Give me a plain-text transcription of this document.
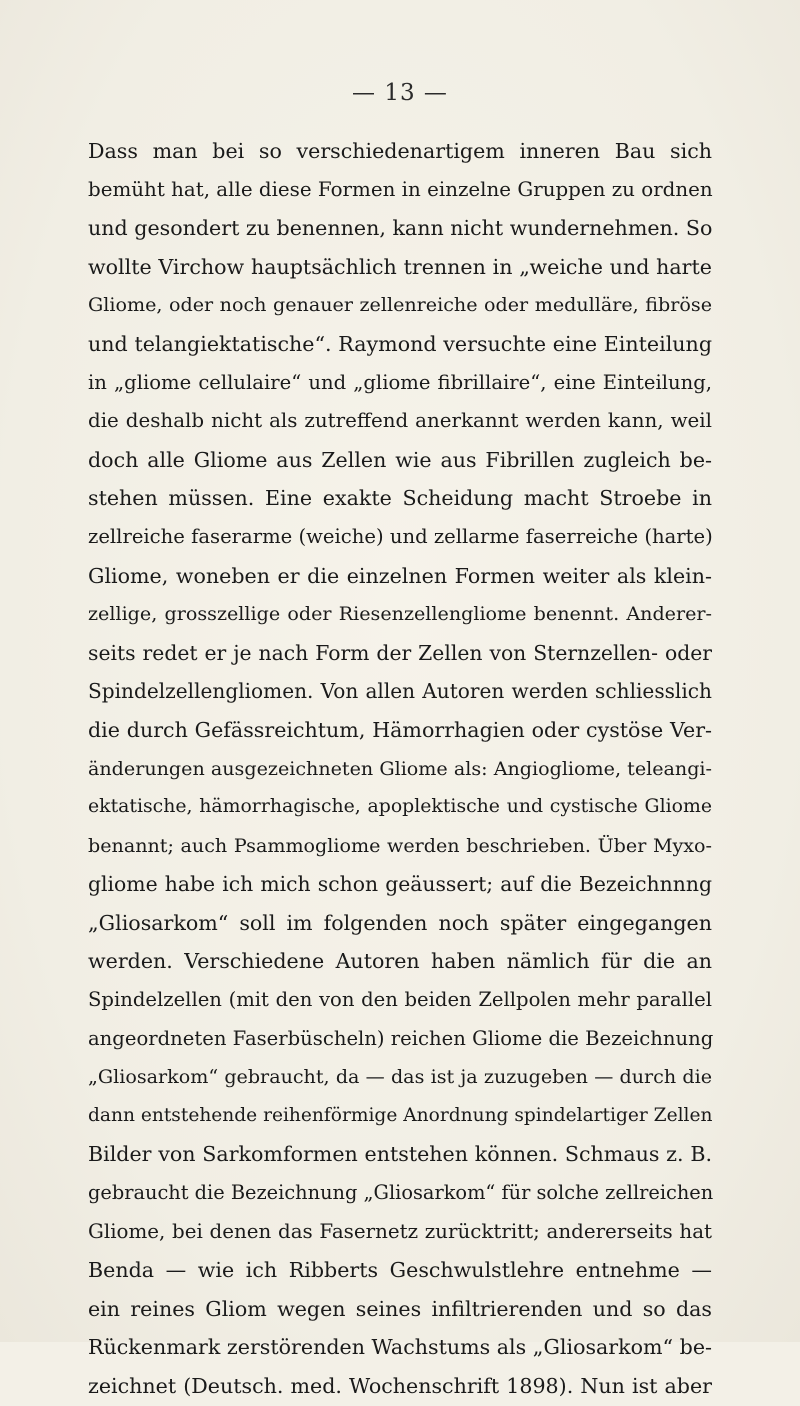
— 13 —
Dass man bei so verschiedenartigem inneren Bau sich
bemüht hat, alle diese Formen in einzelne Gruppen zu ordnen
und gesondert zu benennen, kann nicht wundernehmen. So
wollte Virchow hauptsächlich trennen in „weiche und harte
Gliome, oder noch genauer zellenreiche oder medulläre, fibröse
und telangiektatische“. Raymond versuchte eine Einteilung
in „gliome cellulaire“ und „gliome fibrillaire“, eine Einteilung,
die deshalb nicht als zutreffend anerkannt werden kann, weil
doch alle Gliome aus Zellen wie aus Fibrillen zugleich be-
stehen müssen. Eine exakte Scheidung macht Stroebe in
zellreiche faserarme (weiche) und zellarme faserreiche (harte)
Gliome, woneben er die einzelnen Formen weiter als klein-
zellige, grosszellige oder Riesenzellengliome benennt. Anderer-
seits redet er je nach Form der Zellen von Sternzellen- oder
Spindelzellengliomen. Von allen Autoren werden schliesslich
die durch Gefässreichtum, Hämorrhagien oder cystöse Ver-
änderungen ausgezeichneten Gliome als: Angiogliome, teleangi-
ektatische, hämorrhagische, apoplektische und cystische Gliome
benannt; auch Psammogliome werden beschrieben. Über Myxo-
gliome habe ich mich schon geäussert; auf die Bezeichnnng
„Gliosarkom“ soll im folgenden noch später eingegangen
werden. Verschiedene Autoren haben nämlich für die an
Spindelzellen (mit den von den beiden Zellpolen mehr parallel
angeordneten Faserbüscheln) reichen Gliome die Bezeichnung
„Gliosarkom“ gebraucht, da — das ist ja zuzugeben — durch die
dann entstehende reihenförmige Anordnung spindelartiger Zellen
Bilder von Sarkomformen entstehen können. Schmaus z. B.
gebraucht die Bezeichnung „Gliosarkom“ für solche zellreichen
Gliome, bei denen das Fasernetz zurücktritt; andererseits hat
Benda — wie ich Ribberts Geschwulstlehre entnehme —
ein reines Gliom wegen seines infiltrierenden und so das
Rückenmark zerstörenden Wachstums als „Gliosarkom“ be-
zeichnet (Deutsch. med. Wochenschrift 1898). Nun ist aber
